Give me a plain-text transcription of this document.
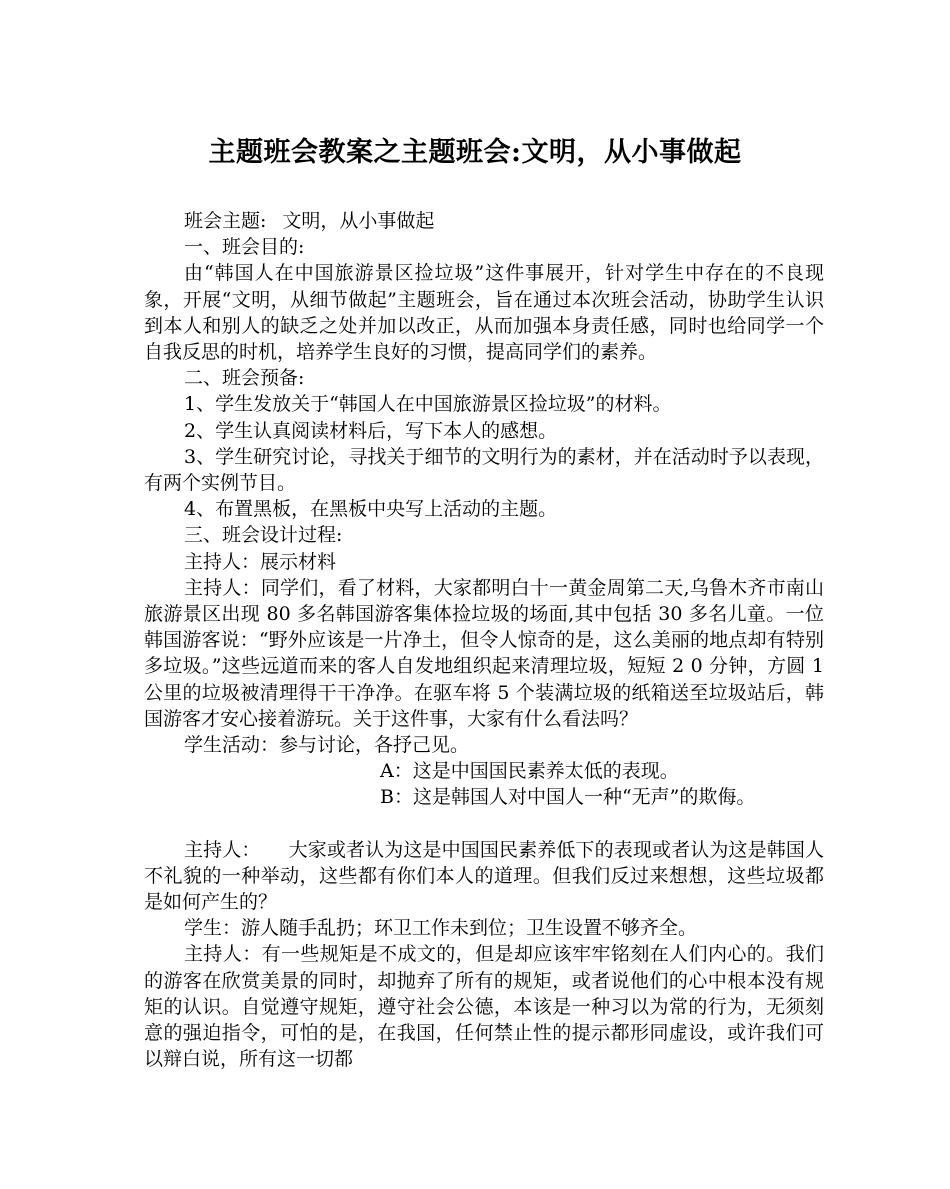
主题班会教案之主题班会:文明，从小事做起

班会主题: 文明，从小事做起

一、班会目的:

由“韩国人在中国旅游景区捡垃圾”这件事展开，针对学生中存在的不良现象，开展“文明，从细节做起”主题班会，旨在通过本次班会活动，协助学生认识到本人和别人的缺乏之处并加以改正，从而加强本身责任感，同时也给同学一个自我反思的时机，培养学生良好的习惯，提高同学们的素养。

二、班会预备:

1、学生发放关于“韩国人在中国旅游景区捡垃圾”的材料。

2、学生认真阅读材料后，写下本人的感想。

3、学生研究讨论，寻找关于细节的文明行为的素材，并在活动时予以表现，有两个实例节目。

4、布置黑板，在黑板中央写上活动的主题。

三、班会设计过程:

主持人：展示材料

主持人：同学们，看了材料，大家都明白十一黄金周第二天,乌鲁木齐市南山旅游景区出现 80 多名韩国游客集体捡垃圾的场面,其中包括 30 多名儿童。一位韩国游客说：“野外应该是一片净土，但令人惊奇的是，这么美丽的地点却有特别多垃圾。”这些远道而来的客人自发地组织起来清理垃圾，短短 2 0 分钟，方圆 1 公里的垃圾被清理得干干净净。在驱车将 5 个装满垃圾的纸箱送至垃圾站后，韩国游客才安心接着游玩。关于这件事，大家有什么看法吗？

学生活动：参与讨论，各抒己见。

A：这是中国国民素养太低的表现。

B：这是韩国人对中国人一种“无声”的欺侮。

主持人： 大家或者认为这是中国国民素养低下的表现或者认为这是韩国人不礼貌的一种举动，这些都有你们本人的道理。但我们反过来想想，这些垃圾都是如何产生的？

学生：游人随手乱扔；环卫工作未到位；卫生设置不够齐全。

主持人：有一些规矩是不成文的，但是却应该牢牢铭刻在人们内心的。我们的游客在欣赏美景的同时，却抛弃了所有的规矩，或者说他们的心中根本没有规矩的认识。自觉遵守规矩，遵守社会公德，本该是一种习以为常的行为，无须刻意的强迫指令，可怕的是，在我国，任何禁止性的提示都形同虚设，或许我们可以辩白说，所有这一切都
